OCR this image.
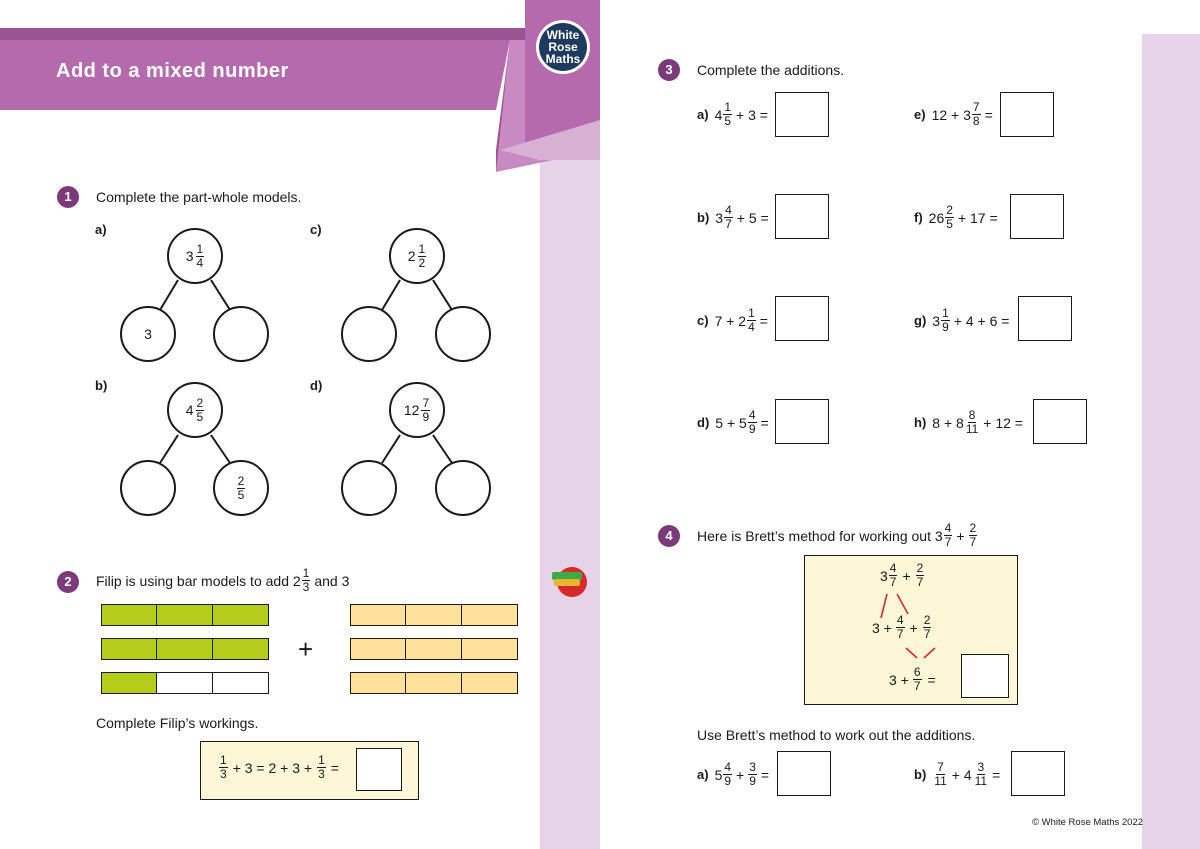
White
Rose
Maths
Add to a mixed number
1	Complete the part-whole models.
a)
$3 \frac{1}{4}$
3
b)
$4 \frac{2}{5}$
$\frac{2}{5}$
c)
$2 \frac{1}{2}$
d)
$12 \frac{7}{9}$
2	Filip is using bar models to add $2 \frac{1}{3}$ and 3
+
Complete Filip’s workings.
$\frac{1}{3} + 3 = 2 + 3 + \frac{1}{3}$ =
3	Complete the additions.
a) $4 \frac{1}{5} + 3$ =
b) $3 \frac{4}{7} + 5$ =
c) $7 + 2 \frac{1}{4}$ =
d) $5 + 5 \frac{4}{9}$ =
e) $12 + 3 \frac{7}{8}$ =
f) $26 \frac{2}{5} + 17$ =
g) $3 \frac{1}{9} + 4 + 6$ =
h) $8 + 8 \frac{8}{11} + 12$ =
4	Here is Brett’s method for working out $3 \frac{4}{7} + \frac{2}{7}$
$3 \frac{4}{7} + \frac{2}{7}$
$3 + \frac{4}{7} + \frac{2}{7}$
$3 + \frac{6}{7}$ =
Use Brett’s method to work out the additions.
a) $5 \frac{4}{9} + \frac{3}{9}$ =	$b) \frac{7}{11} + 4 \frac{3}{11}$ =
© White Rose Maths 2022
